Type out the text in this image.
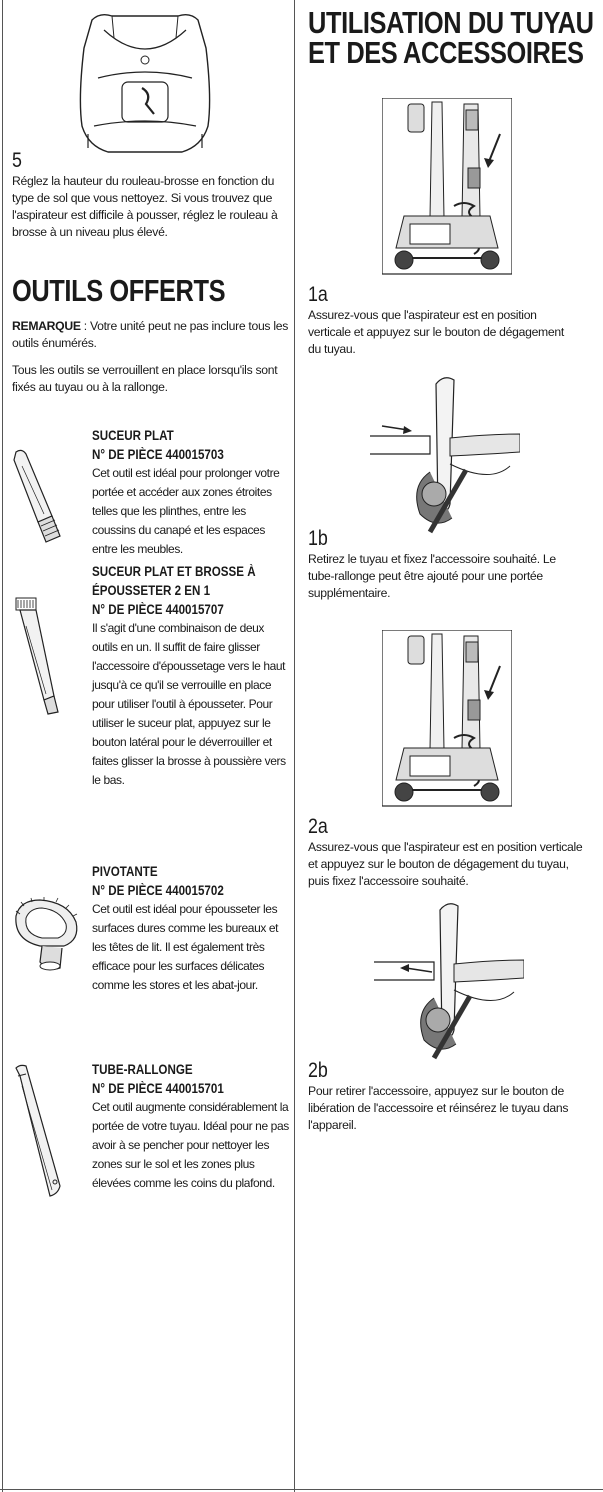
5
Réglez la hauteur du rouleau-brosse en fonction du type de sol que vous nettoyez. Si vous trouvez que l'aspirateur est difficile à pousser, réglez le rouleau à brosse à un niveau plus élevé.
OUTILS OFFERTS
REMARQUE : Votre unité peut ne pas inclure tous les outils énumérés.
Tous les outils se verrouillent en place lorsqu'ils sont fixés au tuyau ou à la rallonge.
SUCEUR PLAT
N° DE PIÈCE 440015703
Cet outil est idéal pour prolonger votre portée et accéder aux zones étroites telles que les plinthes, entre les coussins du canapé et les espaces entre les meubles.
SUCEUR PLAT ET BROSSE À
ÉPOUSSETER 2 EN 1
N° DE PIÈCE 440015707
Il s'agit d'une combinaison de deux outils en un. Il suffit de faire glisser l'accessoire d'époussetage vers le haut jusqu'à ce qu'il se verrouille en place pour utiliser l'outil à épousseter. Pour utiliser le suceur plat, appuyez sur le bouton latéral pour le déverrouiller et faites glisser la brosse à poussière vers le bas.
PIVOTANTE
N° DE PIÈCE 440015702
Cet outil est idéal pour épousseter les surfaces dures comme les bureaux et les têtes de lit. Il est également très efficace pour les surfaces délicates comme les stores et les abat-jour.
TUBE-RALLONGE
N° DE PIÈCE 440015701
Cet outil augmente considérablement la portée de votre tuyau. Idéal pour ne pas avoir à se pencher pour nettoyer les zones sur le sol et les zones plus élevées comme les coins du plafond.
UTILISATION DU TUYAU
ET DES ACCESSOIRES
1a
Assurez-vous que l'aspirateur est en position verticale et appuyez sur le bouton de dégagement du tuyau.
1b
Retirez le tuyau et fixez l'accessoire souhaité. Le tube-rallonge peut être ajouté pour une portée supplémentaire.
2a
Assurez-vous que l'aspirateur est en position verticale et appuyez sur le bouton de dégagement du tuyau, puis fixez l'accessoire souhaité.
2b
Pour retirer l'accessoire, appuyez sur le bouton de libération de l'accessoire et réinsérez le tuyau dans l'appareil.
